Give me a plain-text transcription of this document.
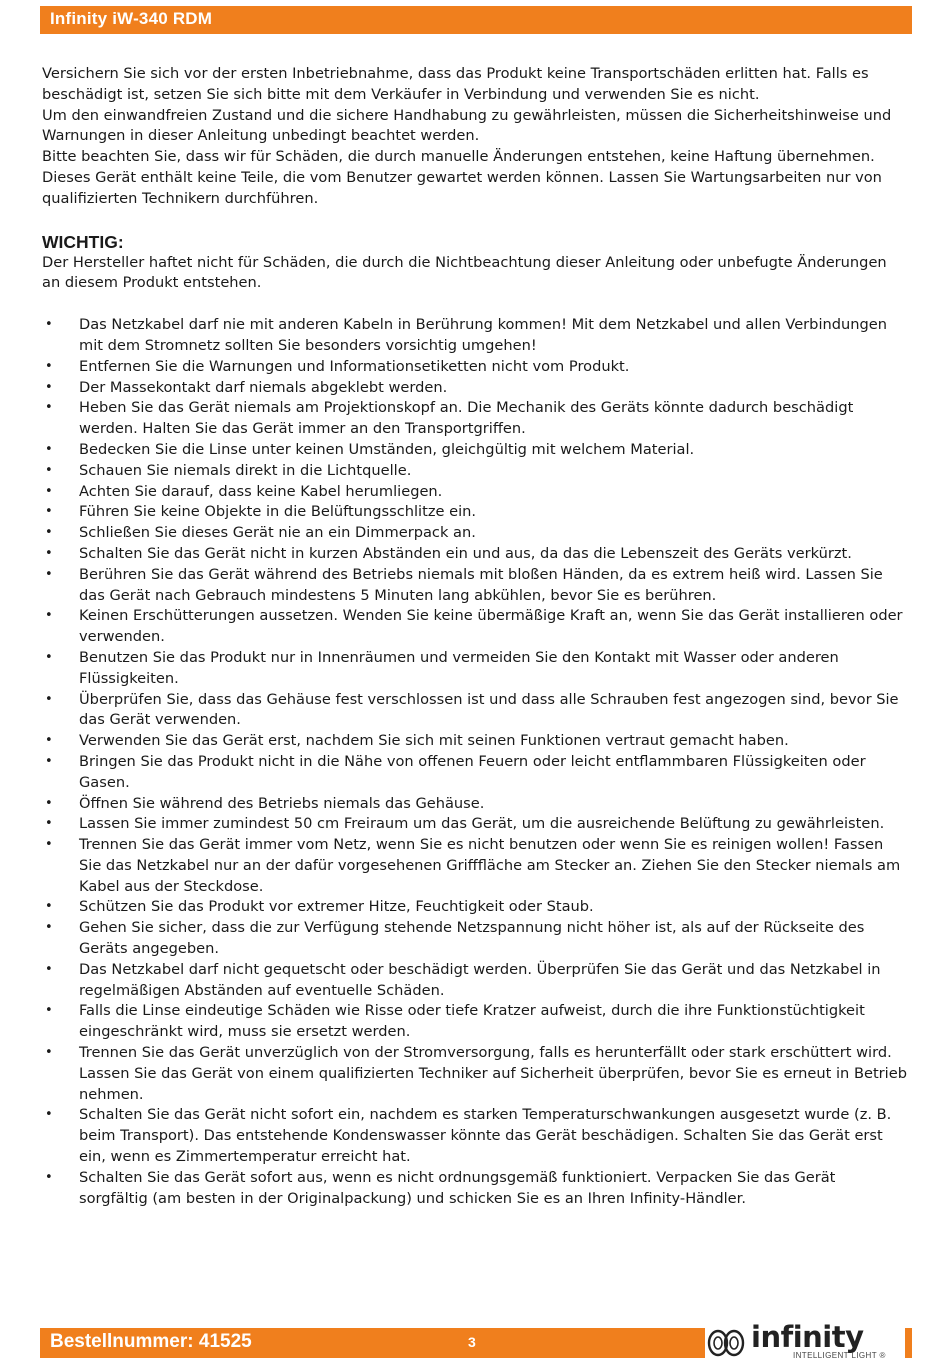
Infinity iW-340 RDM

Versichern Sie sich vor der ersten Inbetriebnahme, dass das Produkt keine Transportschäden erlitten hat. Falls es beschädigt ist, setzen Sie sich bitte mit dem Verkäufer in Verbindung und verwenden Sie es nicht.

Um den einwandfreien Zustand und die sichere Handhabung zu gewährleisten, müssen die Sicherheitshinweise und Warnungen in dieser Anleitung unbedingt beachtet werden.

Bitte beachten Sie, dass wir für Schäden, die durch manuelle Änderungen entstehen, keine Haftung übernehmen.

Dieses Gerät enthält keine Teile, die vom Benutzer gewartet werden können. Lassen Sie Wartungsarbeiten nur von qualifizierten Technikern durchführen.

WICHTIG:

Der Hersteller haftet nicht für Schäden, die durch die Nichtbeachtung dieser Anleitung oder unbefugte Änderungen an diesem Produkt entstehen.

• Das Netzkabel darf nie mit anderen Kabeln in Berührung kommen! Mit dem Netzkabel und allen Verbindungen mit dem Stromnetz sollten Sie besonders vorsichtig umgehen!
• Entfernen Sie die Warnungen und Informationsetiketten nicht vom Produkt.
• Der Massekontakt darf niemals abgeklebt werden.
• Heben Sie das Gerät niemals am Projektionskopf an. Die Mechanik des Geräts könnte dadurch beschädigt werden. Halten Sie das Gerät immer an den Transportgriffen.
• Bedecken Sie die Linse unter keinen Umständen, gleichgültig mit welchem Material.
• Schauen Sie niemals direkt in die Lichtquelle.
• Achten Sie darauf, dass keine Kabel herumliegen.
• Führen Sie keine Objekte in die Belüftungsschlitze ein.
• Schließen Sie dieses Gerät nie an ein Dimmerpack an.
• Schalten Sie das Gerät nicht in kurzen Abständen ein und aus, da das die Lebenszeit des Geräts verkürzt.
• Berühren Sie das Gerät während des Betriebs niemals mit bloßen Händen, da es extrem heiß wird. Lassen Sie das Gerät nach Gebrauch mindestens 5 Minuten lang abkühlen, bevor Sie es berühren.
• Keinen Erschütterungen aussetzen. Wenden Sie keine übermäßige Kraft an, wenn Sie das Gerät installieren oder verwenden.
• Benutzen Sie das Produkt nur in Innenräumen und vermeiden Sie den Kontakt mit Wasser oder anderen Flüssigkeiten.
• Überprüfen Sie, dass das Gehäuse fest verschlossen ist und dass alle Schrauben fest angezogen sind, bevor Sie das Gerät verwenden.
• Verwenden Sie das Gerät erst, nachdem Sie sich mit seinen Funktionen vertraut gemacht haben.
• Bringen Sie das Produkt nicht in die Nähe von offenen Feuern oder leicht entflammbaren Flüssigkeiten oder Gasen.
• Öffnen Sie während des Betriebs niemals das Gehäuse.
• Lassen Sie immer zumindest 50 cm Freiraum um das Gerät, um die ausreichende Belüftung zu gewährleisten.
• Trennen Sie das Gerät immer vom Netz, wenn Sie es nicht benutzen oder wenn Sie es reinigen wollen! Fassen Sie das Netzkabel nur an der dafür vorgesehenen Grifffläche am Stecker an. Ziehen Sie den Stecker niemals am Kabel aus der Steckdose.
• Schützen Sie das Produkt vor extremer Hitze, Feuchtigkeit oder Staub.
• Gehen Sie sicher, dass die zur Verfügung stehende Netzspannung nicht höher ist, als auf der Rückseite des Geräts angegeben.
• Das Netzkabel darf nicht gequetscht oder beschädigt werden. Überprüfen Sie das Gerät und das Netzkabel in regelmäßigen Abständen auf eventuelle Schäden.
• Falls die Linse eindeutige Schäden wie Risse oder tiefe Kratzer aufweist, durch die ihre Funktionstüchtigkeit eingeschränkt wird, muss sie ersetzt werden.
• Trennen Sie das Gerät unverzüglich von der Stromversorgung, falls es herunterfällt oder stark erschüttert wird. Lassen Sie das Gerät von einem qualifizierten Techniker auf Sicherheit überprüfen, bevor Sie es erneut in Betrieb nehmen.
• Schalten Sie das Gerät nicht sofort ein, nachdem es starken Temperaturschwankungen ausgesetzt wurde (z. B. beim Transport). Das entstehende Kondenswasser könnte das Gerät beschädigen. Schalten Sie das Gerät erst ein, wenn es Zimmertemperatur erreicht hat.
• Schalten Sie das Gerät sofort aus, wenn es nicht ordnungsgemäß funktioniert. Verpacken Sie das Gerät sorgfältig (am besten in der Originalpackung) und schicken Sie es an Ihren Infinity-Händler.
Bestellnummer: 41525	3	infinity
INTELLIGENT LIGHT ®
